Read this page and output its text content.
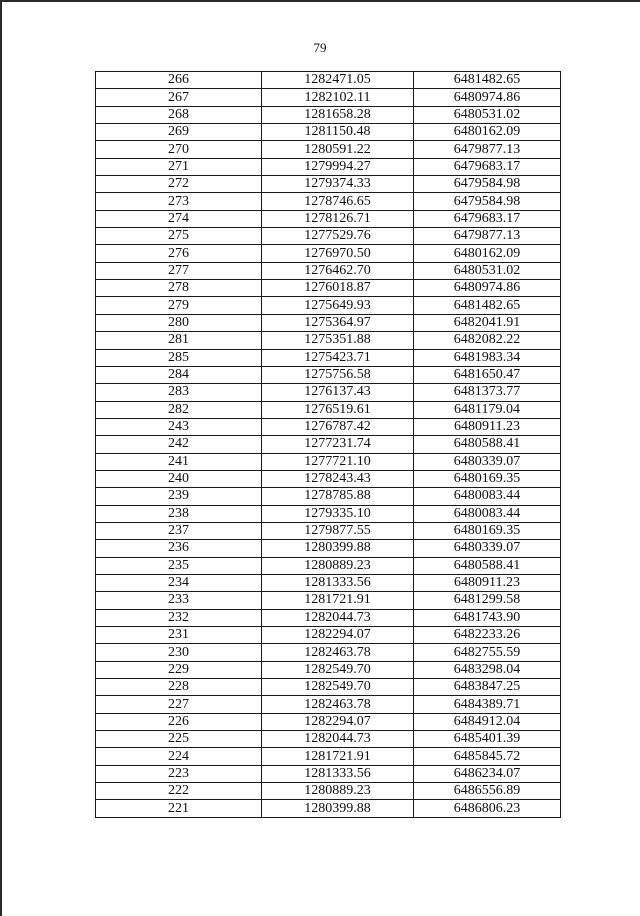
79
266	1282471.05	6481482.65
267	1282102.11	6480974.86
268	1281658.28	6480531.02
269	1281150.48	6480162.09
270	1280591.22	6479877.13
271	1279994.27	6479683.17
272	1279374.33	6479584.98
273	1278746.65	6479584.98
274	1278126.71	6479683.17
275	1277529.76	6479877.13
276	1276970.50	6480162.09
277	1276462.70	6480531.02
278	1276018.87	6480974.86
279	1275649.93	6481482.65
280	1275364.97	6482041.91
281	1275351.88	6482082.22
285	1275423.71	6481983.34
284	1275756.58	6481650.47
283	1276137.43	6481373.77
282	1276519.61	6481179.04
243	1276787.42	6480911.23
242	1277231.74	6480588.41
241	1277721.10	6480339.07
240	1278243.43	6480169.35
239	1278785.88	6480083.44
238	1279335.10	6480083.44
237	1279877.55	6480169.35
236	1280399.88	6480339.07
235	1280889.23	6480588.41
234	1281333.56	6480911.23
233	1281721.91	6481299.58
232	1282044.73	6481743.90
231	1282294.07	6482233.26
230	1282463.78	6482755.59
229	1282549.70	6483298.04
228	1282549.70	6483847.25
227	1282463.78	6484389.71
226	1282294.07	6484912.04
225	1282044.73	6485401.39
224	1281721.91	6485845.72
223	1281333.56	6486234.07
222	1280889.23	6486556.89
221	1280399.88	6486806.23
